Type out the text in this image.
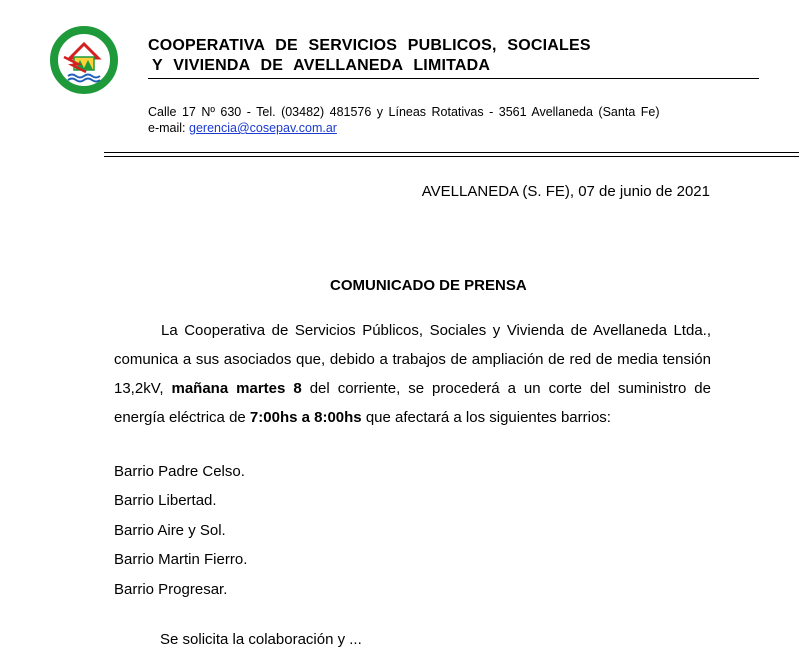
COOPERATIVA DE SERVICIOS PUBLICOS, SOCIALES
Y VIVIENDA DE AVELLANEDA LIMITADA
Calle 17 Nº 630 - Tel. (03482) 481576 y Líneas Rotativas - 3561 Avellaneda (Santa Fe)
e-mail: gerencia@cosepav.com.ar
AVELLANEDA (S. FE), 07 de junio de 2021
COMUNICADO DE PRENSA
La Cooperativa de Servicios Públicos, Sociales y Vivienda de Avellaneda Ltda., comunica a sus asociados que, debido a trabajos de ampliación de red de media tensión 13,2kV, mañana martes 8 del corriente, se procederá a un corte del suministro de energía eléctrica de 7:00hs a 8:00hs que afectará a los siguientes barrios:
Barrio Padre Celso.
Barrio Libertad.
Barrio Aire y Sol.
Barrio Martin Fierro.
Barrio Progresar.
Se solicita la colaboración y ...
